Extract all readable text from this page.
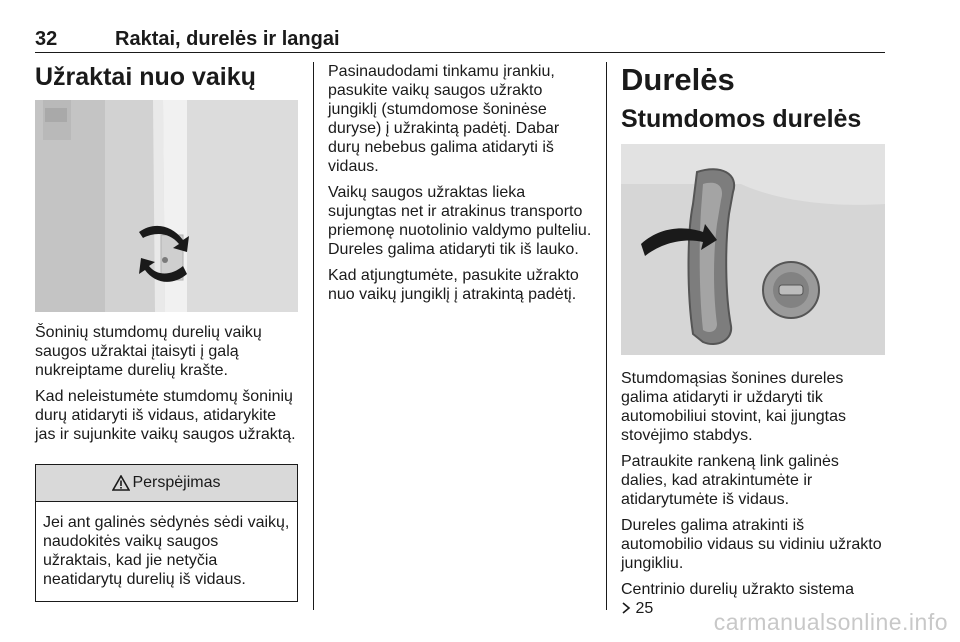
32	Raktai, durelės ir langai
Užraktai nuo vaikų

Šoninių stumdomų durelių vaikų saugos užraktai įtaisyti į galą nukreiptame durelių krašte.

Kad neleistumėte stumdomų šoninių durų atidaryti iš vidaus, atidarykite jas ir sujunkite vaikų saugos užraktą.

Perspėjimas

Jei ant galinės sėdynės sėdi vaikų, naudokitės vaikų saugos užraktais, kad jie netyčia neatidarytų durelių iš vidaus.

Pasinaudodami tinkamu įrankiu, pasukite vaikų saugos užrakto jungiklį (stumdomose šoninėse duryse) į užrakintą padėtį. Dabar durų nebebus galima atidaryti iš vidaus.

Vaikų saugos užraktas lieka sujungtas net ir atrakinus transporto priemonę nuotolinio valdymo pulteliu. Dureles galima atidaryti tik iš lauko.

Kad atjungtumėte, pasukite užrakto nuo vaikų jungiklį į atrakintą padėtį.

Durelės
Stumdomos durelės

Stumdomąsias šonines dureles galima atidaryti ir uždaryti tik automobiliui stovint, kai įjungtas stovėjimo stabdys.

Patraukite rankeną link galinės dalies, kad atrakintumėte ir atidarytumėte iš vidaus.

Dureles galima atrakinti iš automobilio vidaus su vidiniu užrakto jungikliu.

Centrinio durelių užrakto sistema
25

carmanualsonline.info
